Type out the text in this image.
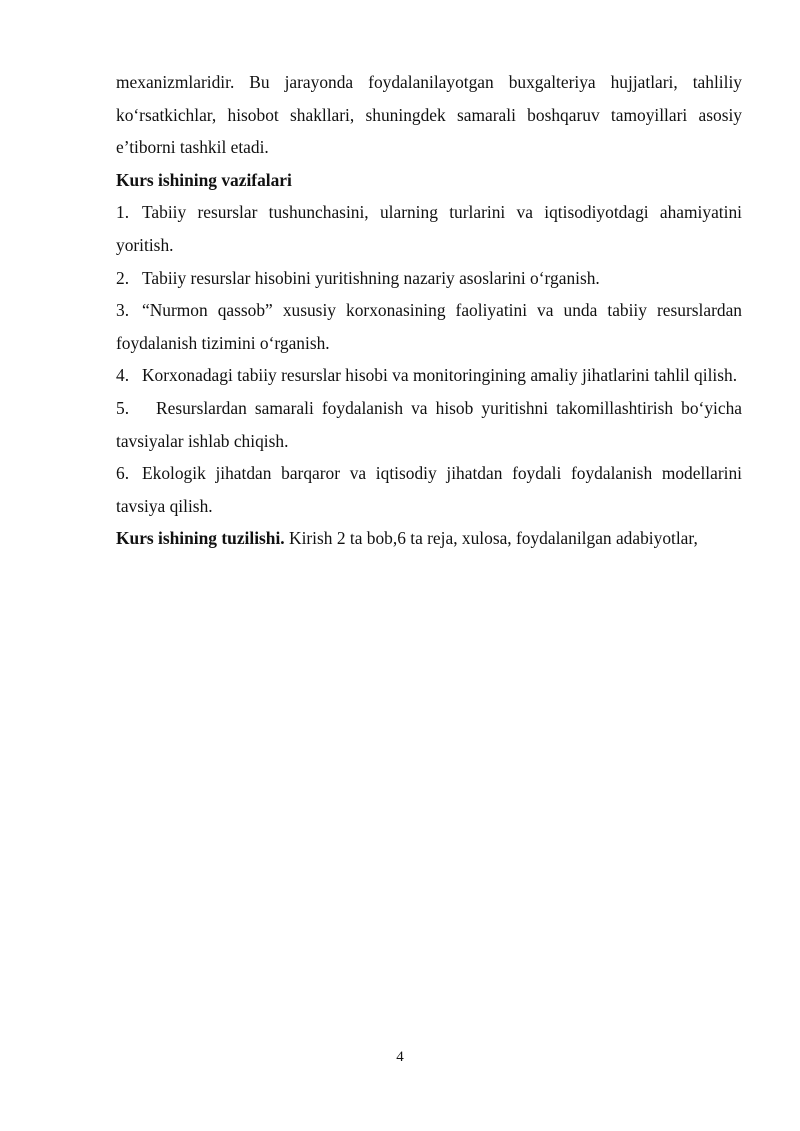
mexanizmlaridir. Bu jarayonda foydalanilayotgan buxgalteriya hujjatlari, tahliliy ko‘rsatkichlar, hisobot shakllari, shuningdek samarali boshqaruv tamoyillari asosiy e’tiborni tashkil etadi.

Kurs ishining vazifalari

1. Tabiiy resurslar tushunchasini, ularning turlarini va iqtisodiyotdagi ahamiyatini yoritish.

2. Tabiiy resurslar hisobini yuritishning nazariy asoslarini o‘rganish.

3. “Nurmon qassob” xususiy korxonasining faoliyatini va unda tabiiy resurslardan foydalanish tizimini o‘rganish.

4. Korxonadagi tabiiy resurslar hisobi va monitoringining amaliy jihatlarini tahlil qilish.

5. Resurslardan samarali foydalanish va hisob yuritishni takomillashtirish bo‘yicha tavsiyalar ishlab chiqish.

6. Ekologik jihatdan barqaror va iqtisodiy jihatdan foydali foydalanish modellarini tavsiya qilish.

Kurs ishining tuzilishi. Kirish 2 ta bob,6 ta reja, xulosa, foydalanilgan adabiyotlar,

4
